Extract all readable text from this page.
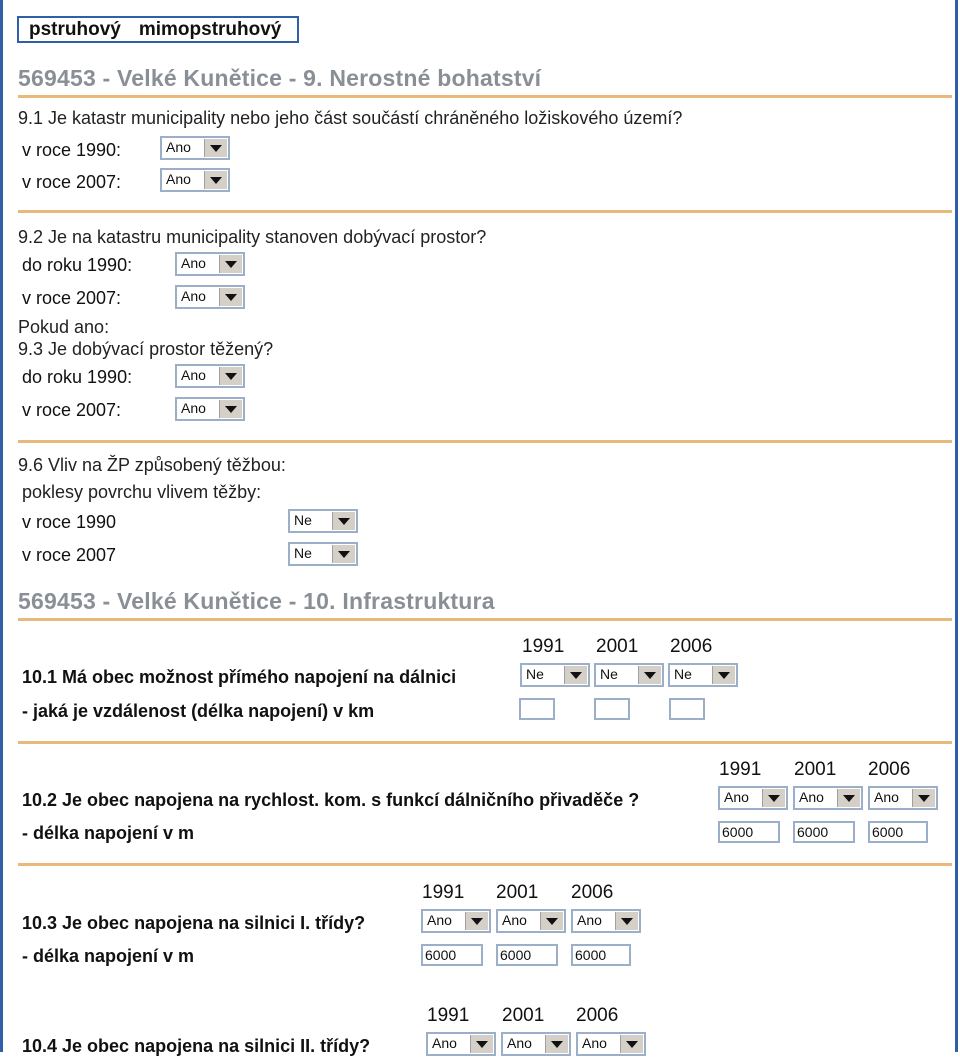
pstruhový mimopstruhový
569453 - Velké Kunětice - 9. Nerostné bohatství
9.1 Je katastr municipality nebo jeho část součástí chráněného ložiskového území?
v roce 1990:	Ano
v roce 2007:	Ano
9.2 Je na katastru municipality stanoven dobývací prostor?
do roku 1990:	Ano
v roce 2007:	Ano
Pokud ano:
9.3 Je dobývací prostor těžený?
do roku 1990:	Ano
v roce 2007:	Ano
9.6 Vliv na ŽP způsobený těžbou:
poklesy povrchu vlivem těžby:
v roce 1990	Ne
v roce 2007	Ne
569453 - Velké Kunětice - 10. Infrastruktura
1991 2001 2006
10.1 Má obec možnost přímého napojení na dálnici	Ne	Ne	Ne
- jaká je vzdálenost (délka napojení) v km
1991 2001 2006
10.2 Je obec napojena na rychlost. kom. s funkcí dálničního přivaděče ?	Ano	Ano	Ano
- délka napojení v m	6000	6000	6000
1991 2001 2006
10.3 Je obec napojena na silnici I. třídy?	Ano	Ano	Ano
- délka napojení v m	6000	6000	6000
1991 2001 2006
10.4 Je obec napojena na silnici II. třídy?	Ano	Ano	Ano
